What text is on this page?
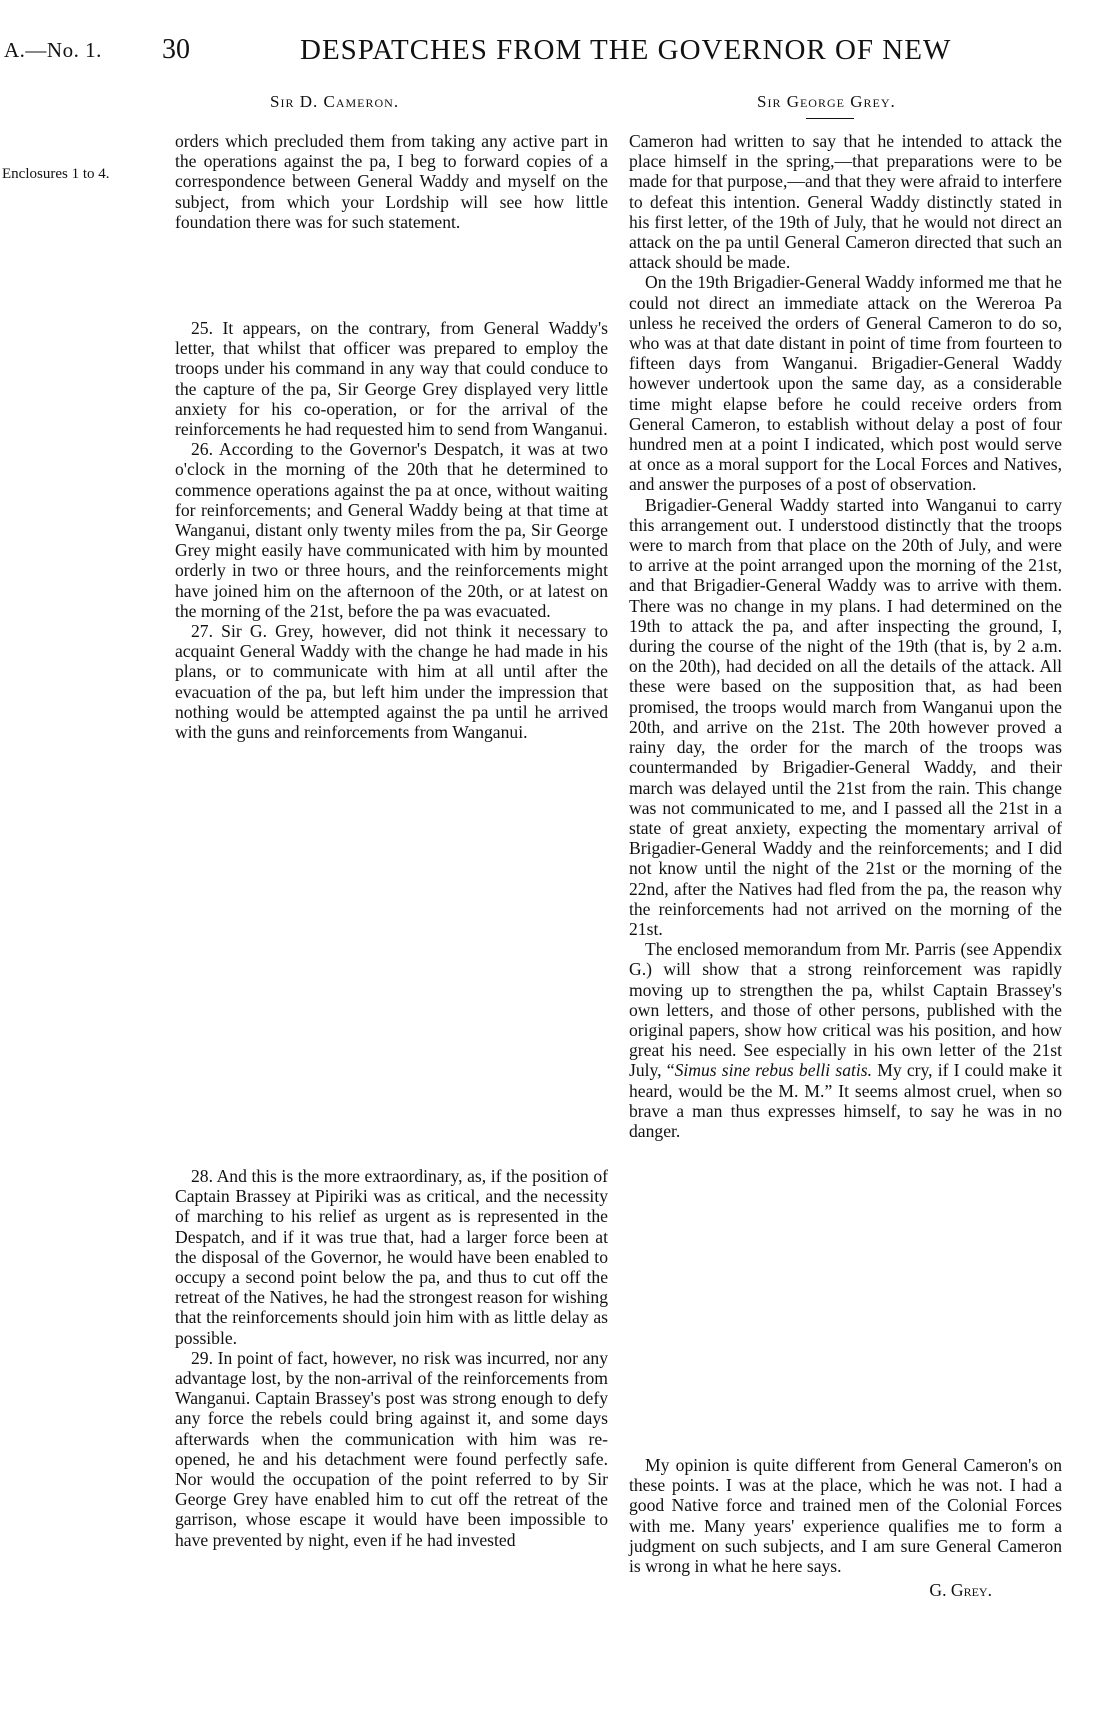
A.—No. 1. 30	DESPATCHES FROM THE GOVERNOR OF NEW
Sir D. Cameron.	Sir George Grey.
Enclosures 1 to 4.

orders which precluded them from taking any active part in the operations against the pa, I beg to forward copies of a correspondence between General Waddy and myself on the subject, from which your Lordship will see how little foundation there was for such statement.

25. It appears, on the contrary, from General Waddy's letter, that whilst that officer was prepared to employ the troops under his command in any way that could conduce to the capture of the pa, Sir George Grey displayed very little anxiety for his co-operation, or for the arrival of the reinforcements he had requested him to send from Wanganui.

26. According to the Governor's Despatch, it was at two o'clock in the morning of the 20th that he determined to commence operations against the pa at once, without waiting for reinforcements; and General Waddy being at that time at Wanganui, distant only twenty miles from the pa, Sir George Grey might easily have communicated with him by mounted orderly in two or three hours, and the reinforcements might have joined him on the afternoon of the 20th, or at latest on the morning of the 21st, before the pa was evacuated.

27. Sir G. Grey, however, did not think it necessary to acquaint General Waddy with the change he had made in his plans, or to communicate with him at all until after the evacuation of the pa, but left him under the impression that nothing would be attempted against the pa until he arrived with the guns and reinforcements from Wanganui.

28. And this is the more extraordinary, as, if the position of Captain Brassey at Pipiriki was as critical, and the necessity of marching to his relief as urgent as is represented in the Despatch, and if it was true that, had a larger force been at the disposal of the Governor, he would have been enabled to occupy a second point below the pa, and thus to cut off the retreat of the Natives, he had the strongest reason for wishing that the reinforcements should join him with as little delay as possible.

29. In point of fact, however, no risk was incurred, nor any advantage lost, by the non-arrival of the reinforcements from Wanganui. Captain Brassey's post was strong enough to defy any force the rebels could bring against it, and some days afterwards when the communication with him was re-opened, he and his detachment were found perfectly safe. Nor would the occupation of the point referred to by Sir George Grey have enabled him to cut off the retreat of the garrison, whose escape it would have been impossible to have prevented by night, even if he had invested

Cameron had written to say that he intended to attack the place himself in the spring,—that preparations were to be made for that purpose,—and that they were afraid to interfere to defeat this intention. General Waddy distinctly stated in his first letter, of the 19th of July, that he would not direct an attack on the pa until General Cameron directed that such an attack should be made.

On the 19th Brigadier-General Waddy informed me that he could not direct an immediate attack on the Wereroa Pa unless he received the orders of General Cameron to do so, who was at that date distant in point of time from fourteen to fifteen days from Wanganui. Brigadier-General Waddy however undertook upon the same day, as a considerable time might elapse before he could receive orders from General Cameron, to establish without delay a post of four hundred men at a point I indicated, which post would serve at once as a moral support for the Local Forces and Natives, and answer the purposes of a post of observation.

Brigadier-General Waddy started into Wanganui to carry this arrangement out. I understood distinctly that the troops were to march from that place on the 20th of July, and were to arrive at the point arranged upon the morning of the 21st, and that Brigadier-General Waddy was to arrive with them. There was no change in my plans. I had determined on the 19th to attack the pa, and after inspecting the ground, I, during the course of the night of the 19th (that is, by 2 a.m. on the 20th), had decided on all the details of the attack. All these were based on the supposition that, as had been promised, the troops would march from Wanganui upon the 20th, and arrive on the 21st. The 20th however proved a rainy day, the order for the march of the troops was countermanded by Brigadier-General Waddy, and their march was delayed until the 21st from the rain. This change was not communicated to me, and I passed all the 21st in a state of great anxiety, expecting the momentary arrival of Brigadier-General Waddy and the reinforcements; and I did not know until the night of the 21st or the morning of the 22nd, after the Natives had fled from the pa, the reason why the reinforcements had not arrived on the morning of the 21st.

The enclosed memorandum from Mr. Parris (see Appendix G.) will show that a strong reinforcement was rapidly moving up to strengthen the pa, whilst Captain Brassey's own letters, and those of other persons, published with the original papers, show how critical was his position, and how great his need. See especially in his own letter of the 21st July, “Simus sine rebus belli satis. My cry, if I could make it heard, would be the M. M.” It seems almost cruel, when so brave a man thus expresses himself, to say he was in no danger.

My opinion is quite different from General Cameron's on these points. I was at the place, which he was not. I had a good Native force and trained men of the Colonial Forces with me. Many years' experience qualifies me to form a judgment on such subjects, and I am sure General Cameron is wrong in what he here says.

G. Grey.
